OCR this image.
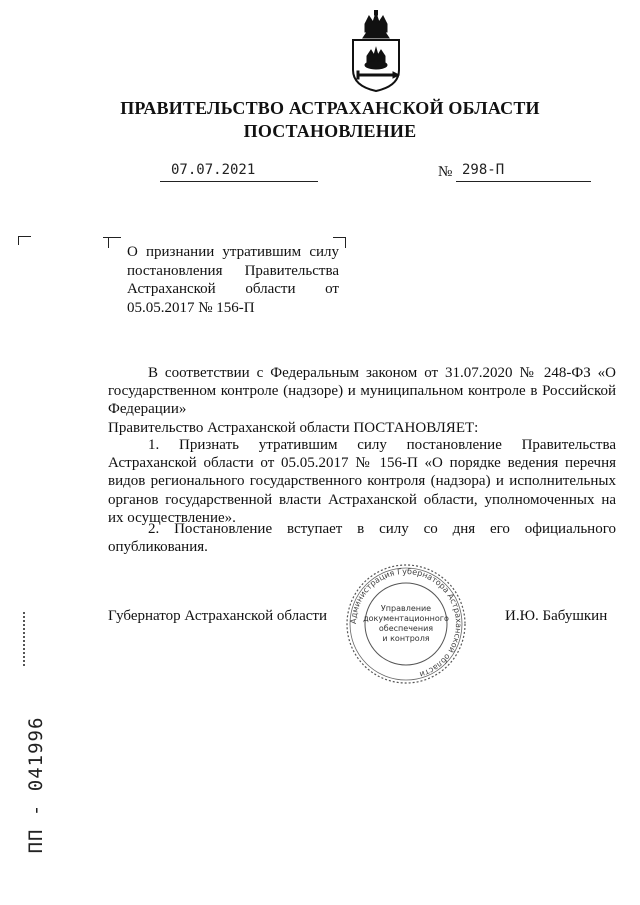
ПРАВИТЕЛЬСТВО АСТРАХАНСКОЙ ОБЛАСТИ
ПОСТАНОВЛЕНИЕ
07.07.2021	№ 298-П
О признании утратившим силу постановления Правительства Астраханской области от 05.05.2017 № 156-П
В соответствии с Федеральным законом от 31.07.2020 № 248-ФЗ «О государственном контроле (надзоре) и муниципальном контроле в Российской Федерации»
Правительство Астраханской области ПОСТАНОВЛЯЕТ:
1. Признать утратившим силу постановление Правительства Астраханской области от 05.05.2017 № 156-П «О порядке ведения перечня видов регионального государственного контроля (надзора) и исполнительных органов государственной власти Астраханской области, уполномоченных на их осуществление».
2. Постановление вступает в силу со дня его официального опубликования.
Губернатор Астраханской области	И.Ю. Бабушкин
Администрация Губернатора Астраханской области
Управление
документационного
обеспечения
и контроля
ПП - 041996
